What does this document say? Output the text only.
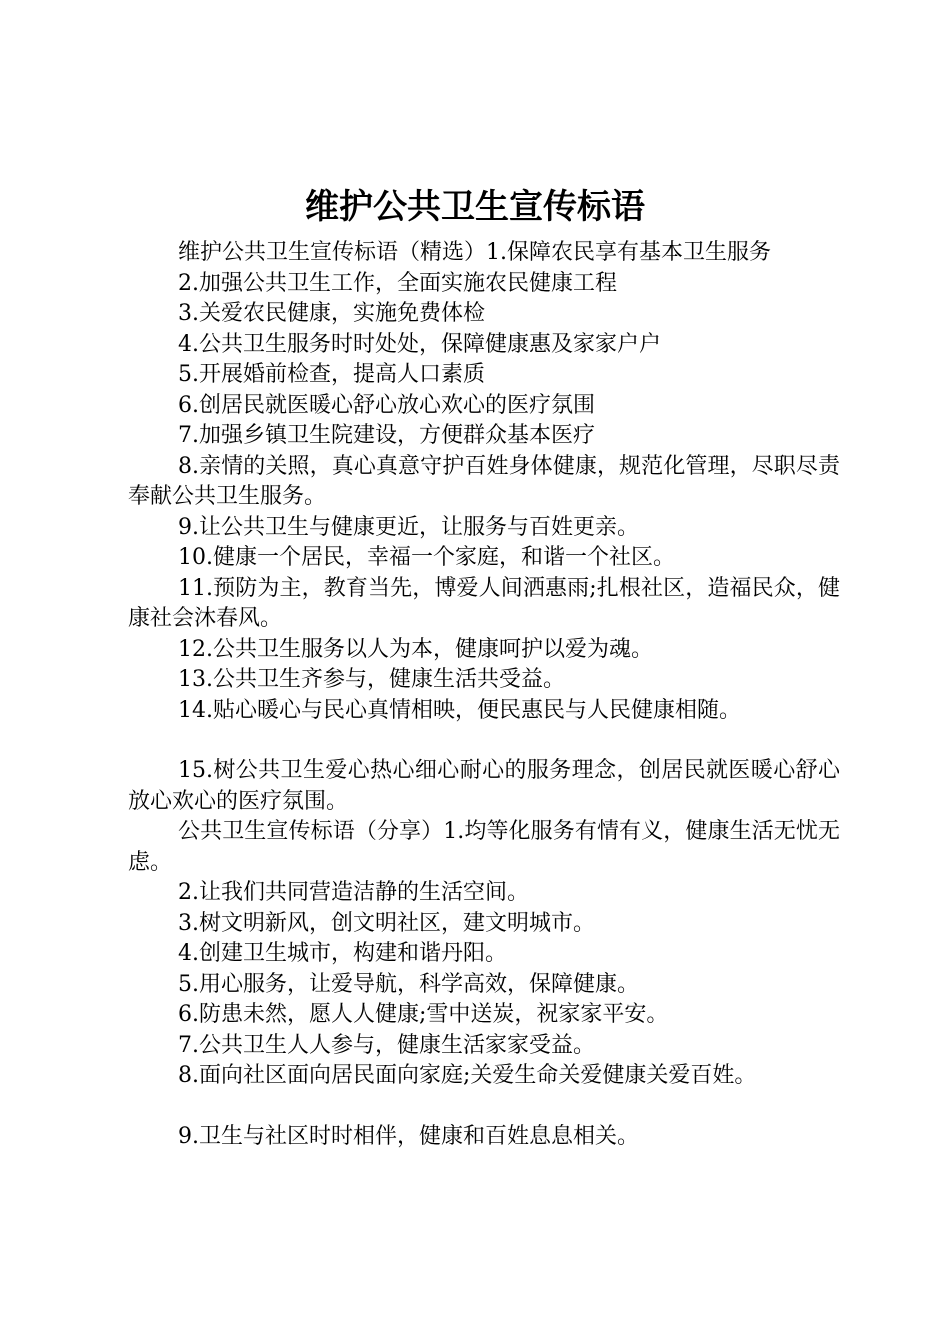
维护公共卫生宣传标语

维护公共卫生宣传标语（精选）1.保障农民享有基本卫生服务

2.加强公共卫生工作，全面实施农民健康工程

3.关爱农民健康，实施免费体检

4.公共卫生服务时时处处，保障健康惠及家家户户

5.开展婚前检查，提高人口素质

6.创居民就医暖心舒心放心欢心的医疗氛围

7.加强乡镇卫生院建设，方便群众基本医疗

8.亲情的关照，真心真意守护百姓身体健康，规范化管理，尽职尽责奉献公共卫生服务。

9.让公共卫生与健康更近，让服务与百姓更亲。

10.健康一个居民，幸福一个家庭，和谐一个社区。

11.预防为主，教育当先，博爱人间洒惠雨;扎根社区，造福民众，健康社会沐春风。

12.公共卫生服务以人为本，健康呵护以爱为魂。

13.公共卫生齐参与，健康生活共受益。

14.贴心暖心与民心真情相映，便民惠民与人民健康相随。

15.树公共卫生爱心热心细心耐心的服务理念，创居民就医暖心舒心放心欢心的医疗氛围。

公共卫生宣传标语（分享）1.均等化服务有情有义，健康生活无忧无虑。

2.让我们共同营造洁静的生活空间。

3.树文明新风，创文明社区，建文明城市。

4.创建卫生城市，构建和谐丹阳。

5.用心服务，让爱导航，科学高效，保障健康。

6.防患未然，愿人人健康;雪中送炭，祝家家平安。

7.公共卫生人人参与，健康生活家家受益。

8.面向社区面向居民面向家庭;关爱生命关爱健康关爱百姓。

9.卫生与社区时时相伴，健康和百姓息息相关。
